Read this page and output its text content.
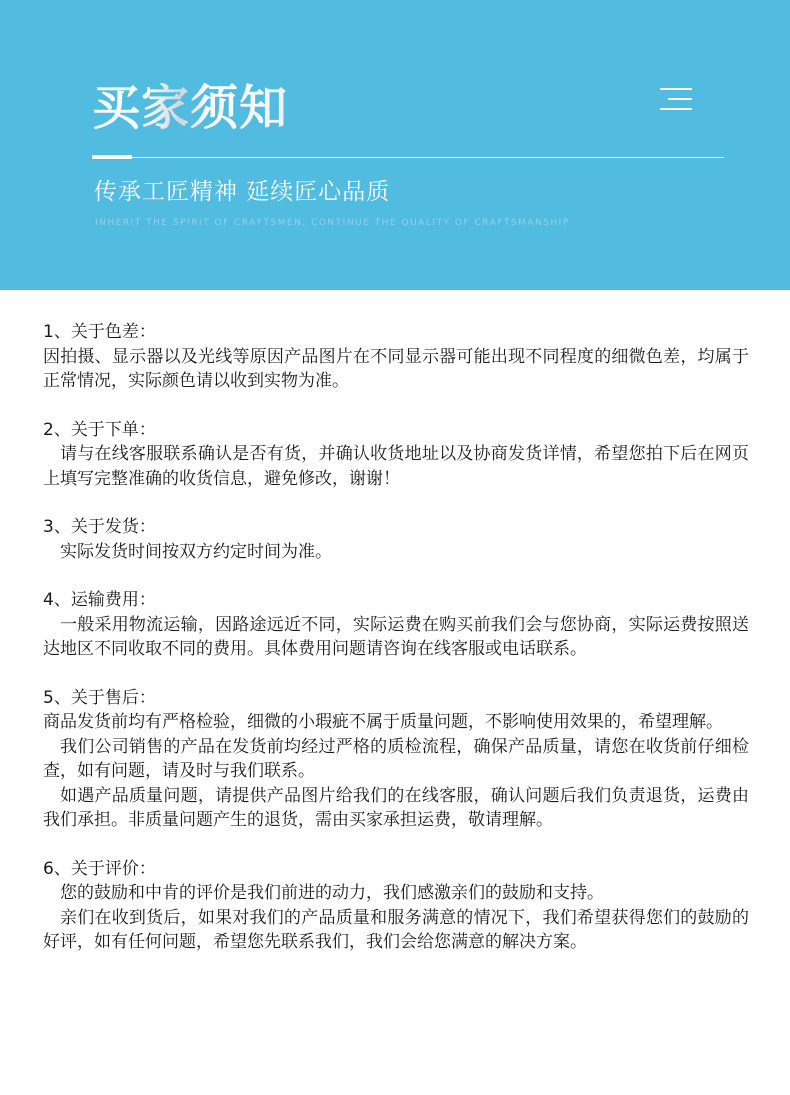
买家须知
传承工匠精神 延续匠心品质
INHERIT THE SPIRIT OF CRAFTSMEN, CONTINUE THE QUALITY OF CRAFTSMANSHIP

1、关于色差：

因拍摄、显示器以及光线等原因产品图片在不同显示器可能出现不同程度的细微色差，均属于正常情况，实际颜色请以收到实物为准。

2、关于下单：

请与在线客服联系确认是否有货，并确认收货地址以及协商发货详情，希望您拍下后在网页上填写完整准确的收货信息，避免修改，谢谢！

3、关于发货：

实际发货时间按双方约定时间为准。

4、运输费用：

一般采用物流运输，因路途远近不同，实际运费在购买前我们会与您协商，实际运费按照送达地区不同收取不同的费用。具体费用问题请咨询在线客服或电话联系。

5、关于售后：

商品发货前均有严格检验，细微的小瑕疵不属于质量问题，不影响使用效果的，希望理解。

我们公司销售的产品在发货前均经过严格的质检流程，确保产品质量，请您在收货前仔细检查，如有问题，请及时与我们联系。

如遇产品质量问题，请提供产品图片给我们的在线客服，确认问题后我们负责退货，运费由我们承担。非质量问题产生的退货，需由买家承担运费，敬请理解。

6、关于评价：

您的鼓励和中肯的评价是我们前进的动力，我们感激亲们的鼓励和支持。

亲们在收到货后，如果对我们的产品质量和服务满意的情况下，我们希望获得您们的鼓励的好评，如有任何问题，希望您先联系我们，我们会给您满意的解决方案。
